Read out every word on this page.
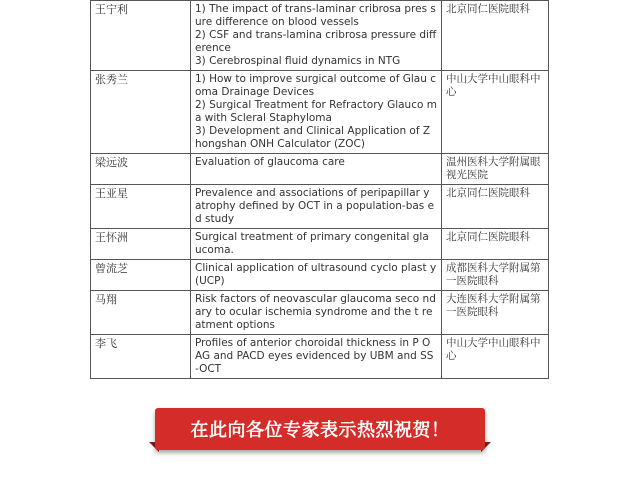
王宁利	1) The impact of trans-laminar cribrosa pres sure difference on blood vessels
2) CSF and trans-lamina cribrosa pressure difference
3) Cerebrospinal fluid dynamics in NTG	北京同仁医院眼科
张秀兰	1) How to improve surgical outcome of Glau coma Drainage Devices
2) Surgical Treatment for Refractory Glauco ma with Scleral Staphyloma
3) Development and Clinical Application of Z hongshan ONH Calculator (ZOC)	中山大学中山眼科中心
梁远波	Evaluation of glaucoma care	温州医科大学附属眼视光医院
王亚星	Prevalence and associations of peripapillar y atrophy defined by OCT in a population-bas ed study	北京同仁医院眼科
王怀洲	Surgical treatment of primary congenital gla ucoma.	北京同仁医院眼科
曾流芝	Clinical application of ultrasound cyclo plast y (UCP)	成都医科大学附属第一医院眼科
马翔	Risk factors of neovascular glaucoma seco ndary to ocular ischemia syndrome and the t reatment options	大连医科大学附属第一医院眼科
李飞	Profiles of anterior choroidal thickness in P OAG and PACD eyes evidenced by UBM and SS-OCT	中山大学中山眼科中心
在此向各位专家表示热烈祝贺！
